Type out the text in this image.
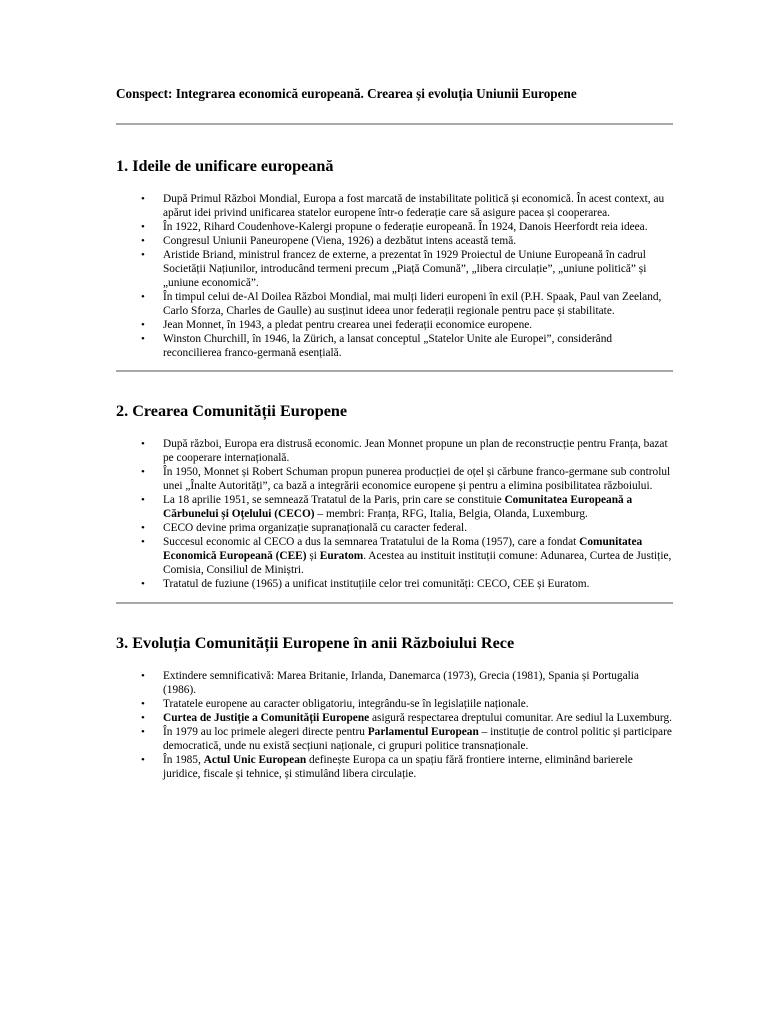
Conspect: Integrarea economică europeană. Crearea și evoluția Uniunii Europene
1. Ideile de unificare europeană
• După Primul Război Mondial, Europa a fost marcată de instabilitate politică și economică. În acest context, au apărut idei privind unificarea statelor europene într-o federație care să asigure pacea și cooperarea.
• În 1922, Rihard Coudenhove-Kalergi propune o federație europeană. În 1924, Danois Heerfordt reia ideea.
• Congresul Uniunii Paneuropene (Viena, 1926) a dezbătut intens această temă.
• Aristide Briand, ministrul francez de externe, a prezentat în 1929 Proiectul de Uniune Europeană în cadrul Societății Națiunilor, introducând termeni precum „Piață Comună”, „libera circulație”, „uniune politică” și „uniune economică”.
• În timpul celui de-Al Doilea Război Mondial, mai mulți lideri europeni în exil (P.H. Spaak, Paul van Zeeland, Carlo Sforza, Charles de Gaulle) au susținut ideea unor federații regionale pentru pace și stabilitate.
• Jean Monnet, în 1943, a pledat pentru crearea unei federații economice europene.
• Winston Churchill, în 1946, la Zürich, a lansat conceptul „Statelor Unite ale Europei”, considerând reconcilierea franco-germană esențială.
2. Crearea Comunității Europene
• După război, Europa era distrusă economic. Jean Monnet propune un plan de reconstrucție pentru Franța, bazat pe cooperare internațională.
• În 1950, Monnet și Robert Schuman propun punerea producției de oțel și cărbune franco-germane sub controlul unei „Înalte Autorități”, ca bază a integrării economice europene și pentru a elimina posibilitatea războiului.
• La 18 aprilie 1951, se semnează Tratatul de la Paris, prin care se constituie Comunitatea Europeană a Cărbunelui și Oțelului (CECO) – membri: Franța, RFG, Italia, Belgia, Olanda, Luxemburg.
• CECO devine prima organizație supranațională cu caracter federal.
• Succesul economic al CECO a dus la semnarea Tratatului de la Roma (1957), care a fondat Comunitatea Economică Europeană (CEE) și Euratom. Acestea au instituit instituții comune: Adunarea, Curtea de Justiție, Comisia, Consiliul de Miniștri.
• Tratatul de fuziune (1965) a unificat instituțiile celor trei comunități: CECO, CEE și Euratom.
3. Evoluția Comunității Europene în anii Războiului Rece
• Extindere semnificativă: Marea Britanie, Irlanda, Danemarca (1973), Grecia (1981), Spania și Portugalia (1986).
• Tratatele europene au caracter obligatoriu, integrându-se în legislațiile naționale.
• Curtea de Justiție a Comunității Europene asigură respectarea dreptului comunitar. Are sediul la Luxemburg.
• În 1979 au loc primele alegeri directe pentru Parlamentul European – instituție de control politic și participare democratică, unde nu există secțiuni naționale, ci grupuri politice transnaționale.
• În 1985, Actul Unic European definește Europa ca un spațiu fără frontiere interne, eliminând barierele juridice, fiscale și tehnice, și stimulând libera circulație.
